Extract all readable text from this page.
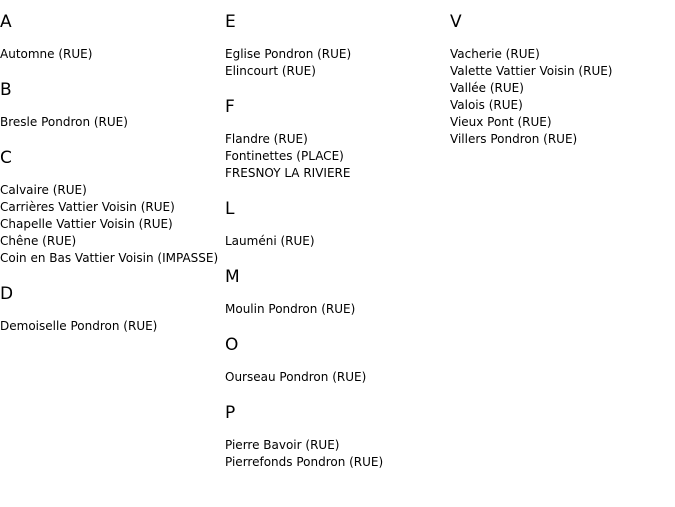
A
Automne (RUE)
B
Bresle Pondron (RUE)
C
Calvaire (RUE)
Carrières Vattier Voisin (RUE)
Chapelle Vattier Voisin (RUE)
Chêne (RUE)
Coin en Bas Vattier Voisin (IMPASSE)
D
Demoiselle Pondron (RUE)
E
Eglise Pondron (RUE)
Elincourt (RUE)
F
Flandre (RUE)
Fontinettes (PLACE)
FRESNOY LA RIVIERE
L
Lauméni (RUE)
M
Moulin Pondron (RUE)
O
Ourseau Pondron (RUE)
P
Pierre Bavoir (RUE)
Pierrefonds Pondron (RUE)
V
Vacherie (RUE)
Valette Vattier Voisin (RUE)
Vallée (RUE)
Valois (RUE)
Vieux Pont (RUE)
Villers Pondron (RUE)
